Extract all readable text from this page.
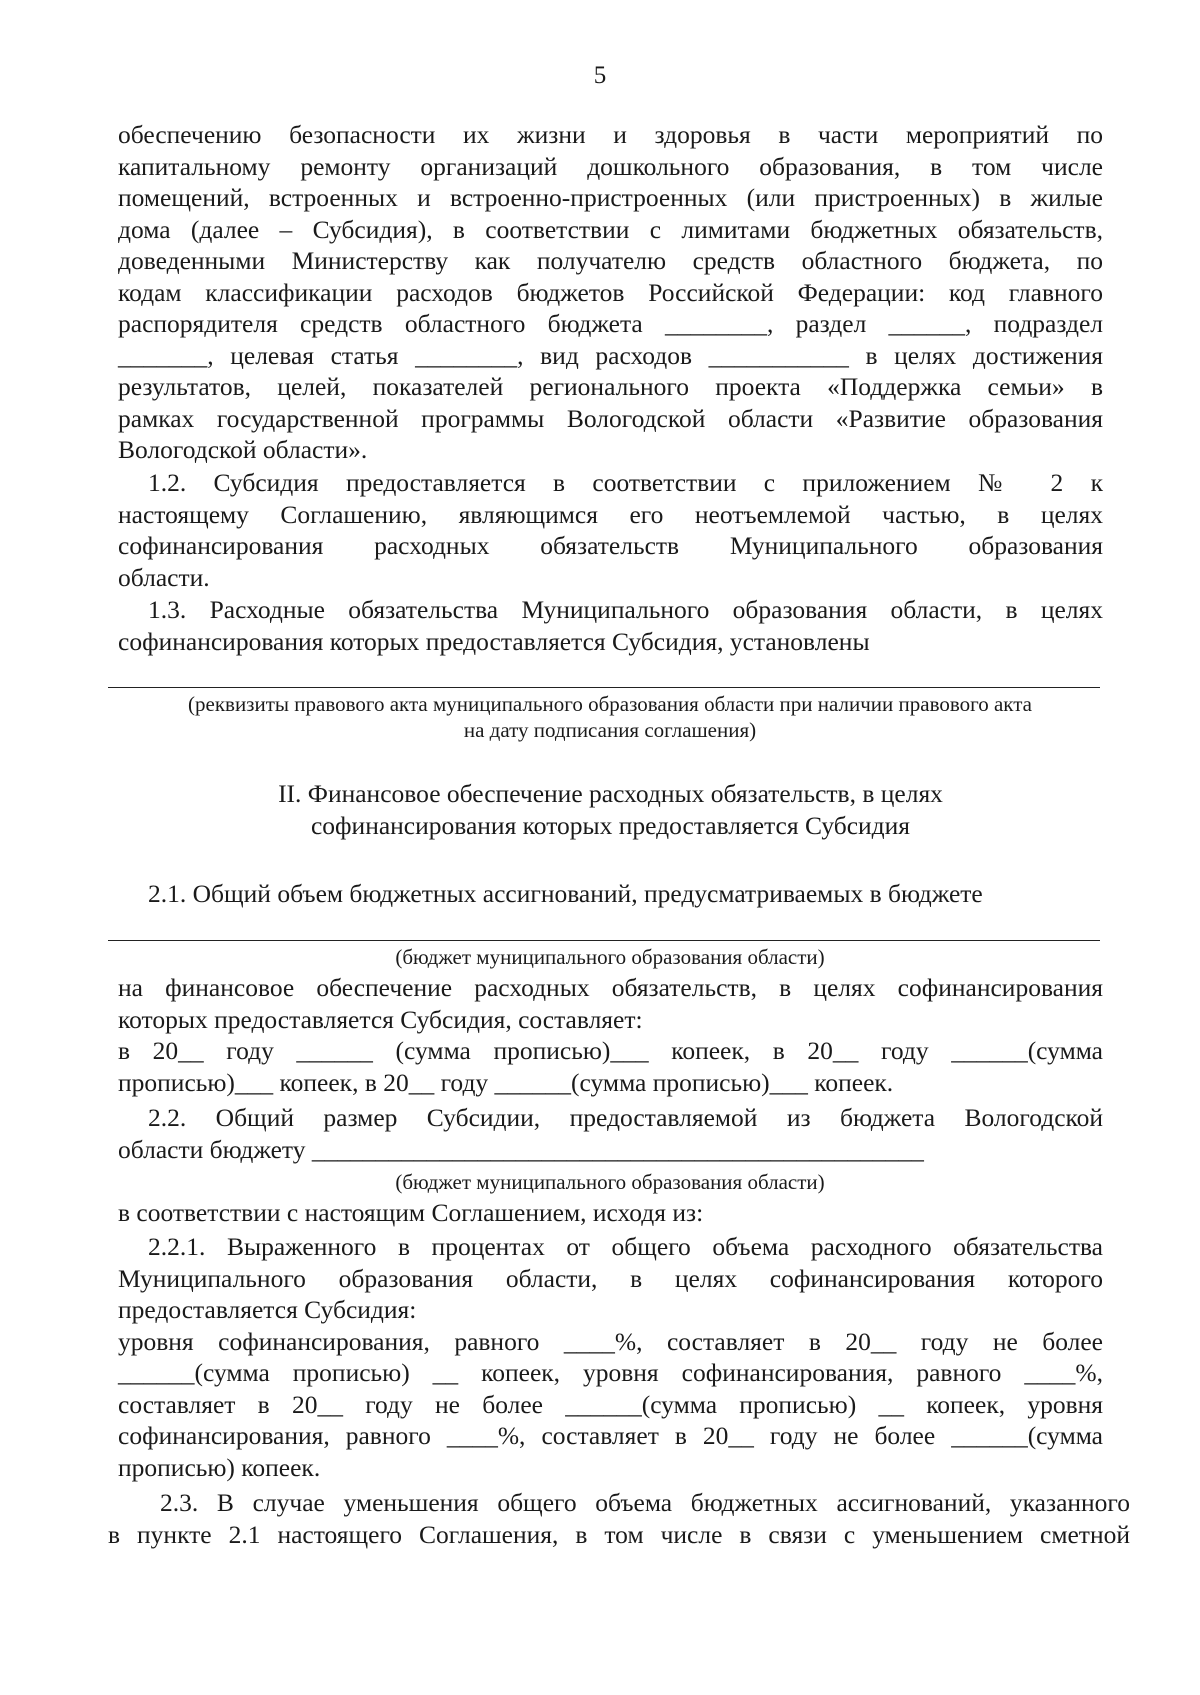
5
обеспечению безопасности их жизни и здоровья в части мероприятий по
капитальному ремонту организаций дошкольного образования, в том числе
помещений, встроенных и встроенно-пристроенных (или пристроенных) в жилые
дома (далее – Субсидия), в соответствии с лимитами бюджетных обязательств,
доведенными Министерству как получателю средств областного бюджета, по
кодам классификации расходов бюджетов Российской Федерации: код главного
распорядителя средств областного бюджета ________, раздел ______, подраздел
_______, целевая статья ________, вид расходов ___________ в целях достижения
результатов, целей, показателей регионального проекта «Поддержка семьи» в
рамках государственной программы Вологодской области «Развитие образования
Вологодской области».
1.2. Субсидия предоставляется в соответствии с приложением № 2 к
настоящему Соглашению, являющимся его неотъемлемой частью, в целях
софинансирования расходных обязательств Муниципального образования
области.
1.3. Расходные обязательства Муниципального образования области, в целях
софинансирования которых предоставляется Субсидия, установлены
(реквизиты правового акта муниципального образования области при наличии правового акта
на дату подписания соглашения)
II. Финансовое обеспечение расходных обязательств, в целях
софинансирования которых предоставляется Субсидия
2.1. Общий объем бюджетных ассигнований, предусматриваемых в бюджете
(бюджет муниципального образования области)
на финансовое обеспечение расходных обязательств, в целях софинансирования
которых предоставляется Субсидия, составляет:
в 20__ году ______ (сумма прописью)___ копеек, в 20__ году ______(сумма
прописью)___ копеек, в 20__ году ______(сумма прописью)___ копеек.
2.2. Общий размер Субсидии, предоставляемой из бюджета Вологодской
области бюджету ________________________________________________
(бюджет муниципального образования области)
в соответствии с настоящим Соглашением, исходя из:
2.2.1. Выраженного в процентах от общего объема расходного обязательства
Муниципального образования области, в целях софинансирования которого
предоставляется Субсидия:
уровня софинансирования, равного ____%, составляет в 20__ году не более
______(сумма прописью) __ копеек, уровня софинансирования, равного ____%,
составляет в 20__ году не более ______(сумма прописью) __ копеек, уровня
софинансирования, равного ____%, составляет в 20__ году не более ______(сумма
прописью) копеек.
2.3. В случае уменьшения общего объема бюджетных ассигнований, указанного
в пункте 2.1 настоящего Соглашения, в том числе в связи с уменьшением сметной
